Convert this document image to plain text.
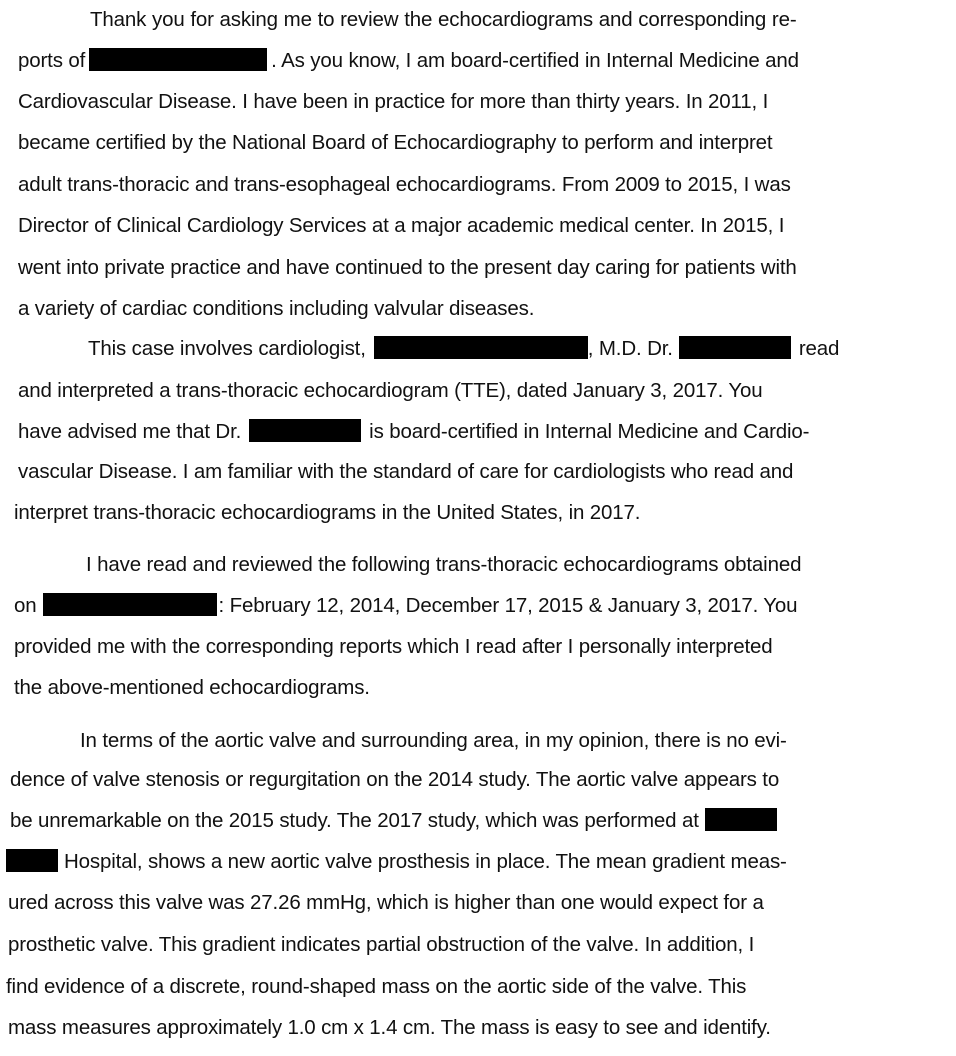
Thank you for asking me to review the echocardiograms and corresponding re-
ports of	. As you know, I am board-certified in Internal Medicine and
Cardiovascular Disease. I have been in practice for more than thirty years. In 2011, I
became certified by the National Board of Echocardiography to perform and interpret
adult trans-thoracic and trans-esophageal echocardiograms. From 2009 to 2015, I was
Director of Clinical Cardiology Services at a major academic medical center. In 2015, I
went into private practice and have continued to the present day caring for patients with
a variety of cardiac conditions including valvular diseases.
This case involves cardiologist,	, M.D. Dr.	read
and interpreted a trans-thoracic echocardiogram (TTE), dated January 3, 2017. You
have advised me that Dr.	is board-certified in Internal Medicine and Cardio-
vascular Disease. I am familiar with the standard of care for cardiologists who read and
interpret trans-thoracic echocardiograms in the United States, in 2017.
I have read and reviewed the following trans-thoracic echocardiograms obtained
on	: February 12, 2014, December 17, 2015 & January 3, 2017. You
provided me with the corresponding reports which I read after I personally interpreted
the above-mentioned echocardiograms.
In terms of the aortic valve and surrounding area, in my opinion, there is no evi-
dence of valve stenosis or regurgitation on the 2014 study. The aortic valve appears to
be unremarkable on the 2015 study. The 2017 study, which was performed at
Hospital, shows a new aortic valve prosthesis in place. The mean gradient meas-
ured across this valve was 27.26 mmHg, which is higher than one would expect for a
prosthetic valve. This gradient indicates partial obstruction of the valve. In addition, I
find evidence of a discrete, round-shaped mass on the aortic side of the valve. This
mass measures approximately 1.0 cm x 1.4 cm. The mass is easy to see and identify.
